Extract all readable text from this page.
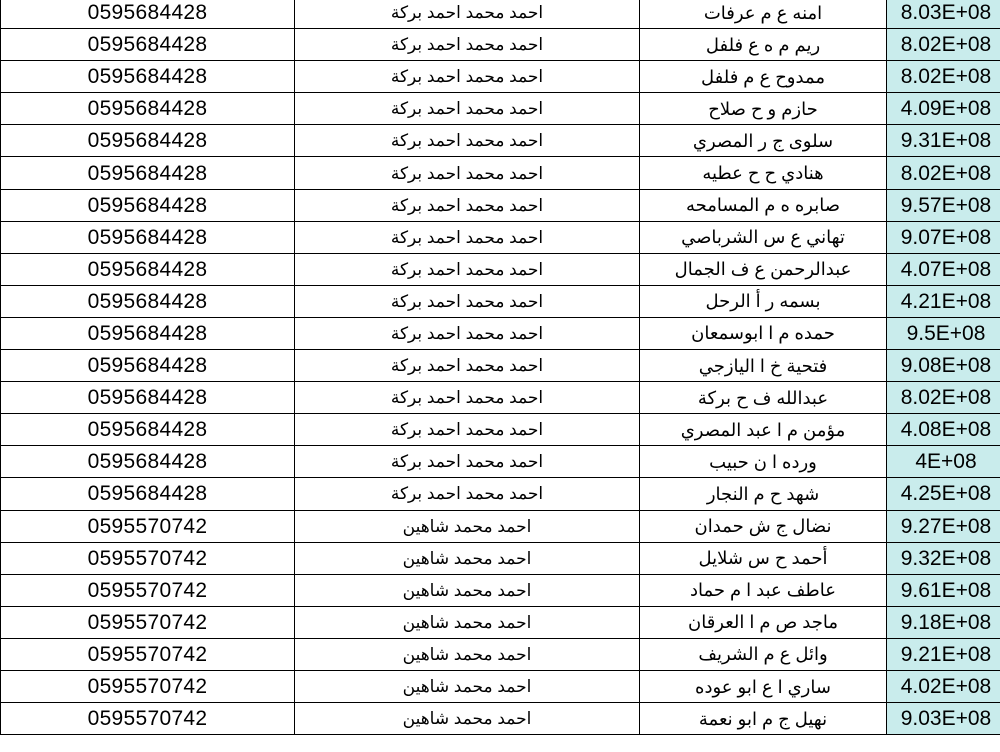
0595684428	احمد محمد احمد بركة	امنه ع م عرفات	8.03E+08
0595684428	احمد محمد احمد بركة	ريم م ه ع فلفل	8.02E+08
0595684428	احمد محمد احمد بركة	ممدوح ع م فلفل	8.02E+08
0595684428	احمد محمد احمد بركة	حازم و ح صلاح	4.09E+08
0595684428	احمد محمد احمد بركة	سلوى ج ر المصري	9.31E+08
0595684428	احمد محمد احمد بركة	هنادي ح ح عطيه	8.02E+08
0595684428	احمد محمد احمد بركة	صابره ه م المسامحه	9.57E+08
0595684428	احمد محمد احمد بركة	تهاني ع س الشرباصي	9.07E+08
0595684428	احمد محمد احمد بركة	عبدالرحمن ع ف الجمال	4.07E+08
0595684428	احمد محمد احمد بركة	بسمه ر أ الرحل	4.21E+08
0595684428	احمد محمد احمد بركة	حمده م ا ابوسمعان	9.5E+08
0595684428	احمد محمد احمد بركة	فتحية خ ا اليازجي	9.08E+08
0595684428	احمد محمد احمد بركة	عبدالله ف ح بركة	8.02E+08
0595684428	احمد محمد احمد بركة	مؤمن م ا عبد المصري	4.08E+08
0595684428	احمد محمد احمد بركة	ورده ا ن حبيب	4E+08
0595684428	احمد محمد احمد بركة	شهد ح م النجار	4.25E+08
0595570742	احمد محمد شاهين	نضال ج ش حمدان	9.27E+08
0595570742	احمد محمد شاهين	أحمد ح س شلايل	9.32E+08
0595570742	احمد محمد شاهين	عاطف عبد ا م حماد	9.61E+08
0595570742	احمد محمد شاهين	ماجد ص م ا العرقان	9.18E+08
0595570742	احمد محمد شاهين	وائل ع م الشريف	9.21E+08
0595570742	احمد محمد شاهين	ساري ا ع ابو عوده	4.02E+08
0595570742	احمد محمد شاهين	نهيل ج م ابو نعمة	9.03E+08
